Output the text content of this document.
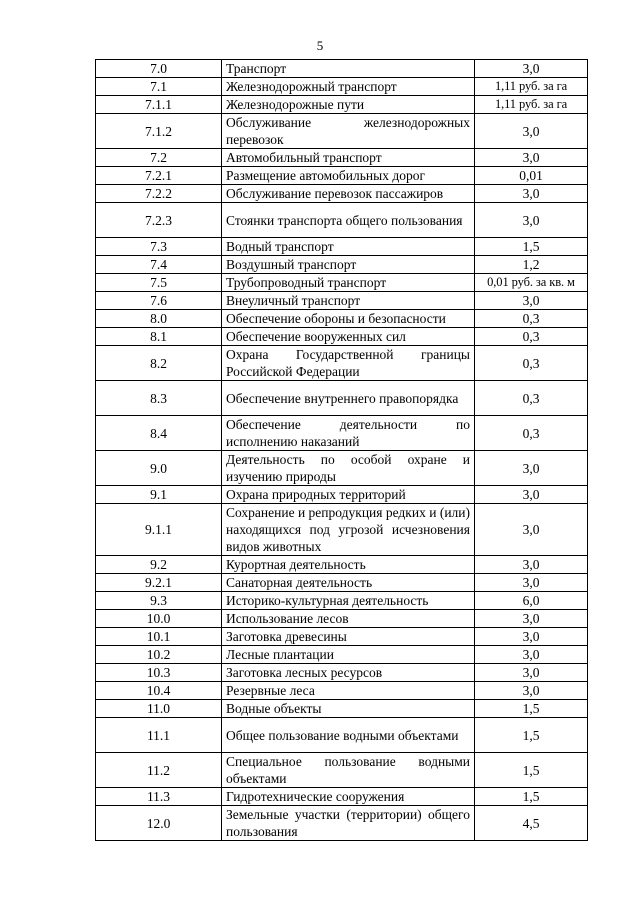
5
7.0	Транспорт	3,0
7.1	Железнодорожный транспорт	1,11 руб. за га
7.1.1	Железнодорожные пути	1,11 руб. за га
7.1.2	Обслуживание железнодорожных перевозок	3,0
7.2	Автомобильный транспорт	3,0
7.2.1	Размещение автомобильных дорог	0,01
7.2.2	Обслуживание перевозок пассажиров	3,0
7.2.3	Стоянки транспорта общего пользования	3,0
7.3	Водный транспорт	1,5
7.4	Воздушный транспорт	1,2
7.5	Трубопроводный транспорт	0,01 руб. за кв. м
7.6	Внеуличный транспорт	3,0
8.0	Обеспечение обороны и безопасности	0,3
8.1	Обеспечение вооруженных сил	0,3
8.2	Охрана Государственной границы Российской Федерации	0,3
8.3	Обеспечение внутреннего правопорядка	0,3
8.4	Обеспечение деятельности по исполнению наказаний	0,3
9.0	Деятельность по особой охране и изучению природы	3,0
9.1	Охрана природных территорий	3,0
9.1.1	Сохранение и репродукция редких и (или) находящихся под угрозой исчезновения видов животных	3,0
9.2	Курортная деятельность	3,0
9.2.1	Санаторная деятельность	3,0
9.3	Историко-культурная деятельность	6,0
10.0	Использование лесов	3,0
10.1	Заготовка древесины	3,0
10.2	Лесные плантации	3,0
10.3	Заготовка лесных ресурсов	3,0
10.4	Резервные леса	3,0
11.0	Водные объекты	1,5
11.1	Общее пользование водными объектами	1,5
11.2	Специальное пользование водными объектами	1,5
11.3	Гидротехнические сооружения	1,5
12.0	Земельные участки (территории) общего пользования	4,5
